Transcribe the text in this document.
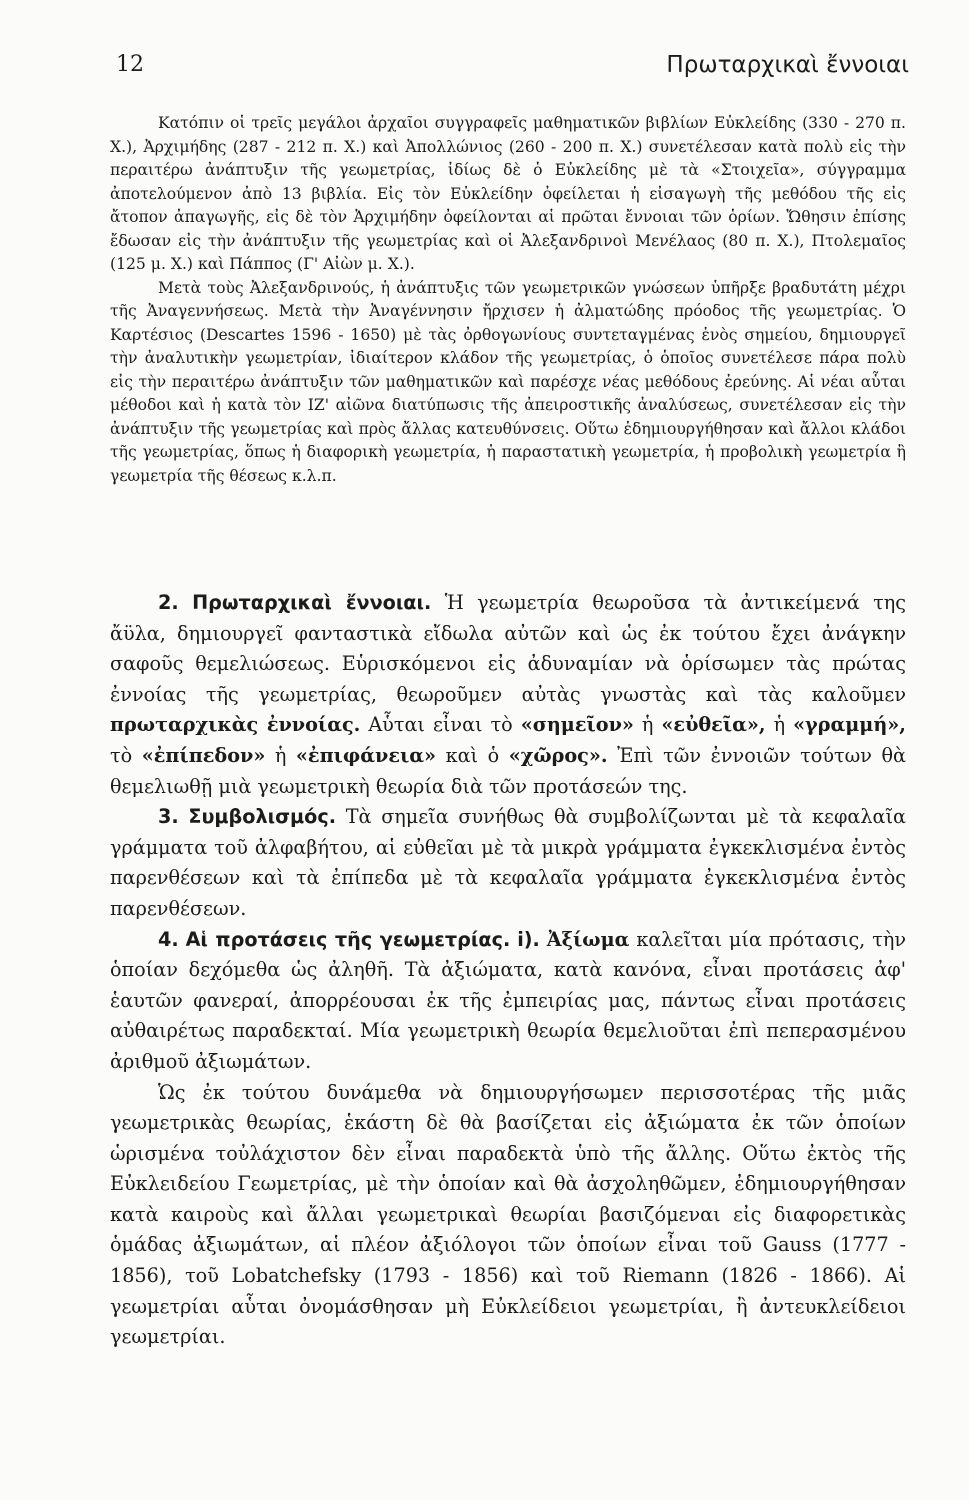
12	Πρωταρχικαὶ ἔννοιαι

Κατόπιν οἱ τρεῖς μεγάλοι ἀρχαῖοι συγγραφεῖς μαθηματικῶν βιβλίων Εὐκλείδης (330 - 270 π. Χ.), Ἀρχιμήδης (287 - 212 π. Χ.) καὶ Ἀπολλώνιος (260 - 200 π. Χ.) συνετέλεσαν κατὰ πολὺ εἰς τὴν περαιτέρω ἀνάπτυξιν τῆς γεωμετρίας, ἰδίως δὲ ὁ Εὐκλείδης μὲ τὰ «Στοιχεῖα», σύγγραμμα ἀποτελούμενον ἀπὸ 13 βιβλία. Εἰς τὸν Εὐκλείδην ὀφείλεται ἡ εἰσαγωγὴ τῆς μεθόδου τῆς εἰς ἄτοπον ἀπαγωγῆς, εἰς δὲ τὸν Ἀρχιμήδην ὀφείλονται αἱ πρῶται ἔννοιαι τῶν ὁρίων. Ὤθησιν ἐπίσης ἔδωσαν εἰς τὴν ἀνάπτυξιν τῆς γεωμετρίας καὶ οἱ Ἀλεξανδρινοὶ Μενέλαος (80 π. Χ.), Πτολεμαῖος (125 μ. Χ.) καὶ Πάππος (Γ' Αἰὼν μ. Χ.).

Μετὰ τοὺς Ἀλεξανδρινούς, ἡ ἀνάπτυξις τῶν γεωμετρικῶν γνώσεων ὑπῆρξε βραδυτάτη μέχρι τῆς Ἀναγεννήσεως. Μετὰ τὴν Ἀναγέννησιν ἤρχισεν ἡ ἀλματώδης πρόοδος τῆς γεωμετρίας. Ὁ Καρτέσιος (Descartes 1596 - 1650) μὲ τὰς ὀρθογωνίους συντεταγμένας ἑνὸς σημείου, δημιουργεῖ τὴν ἀναλυτικὴν γεωμετρίαν, ἰδιαίτερον κλάδον τῆς γεωμετρίας, ὁ ὁποῖος συνετέλεσε πάρα πολὺ εἰς τὴν περαιτέρω ἀνάπτυξιν τῶν μαθηματικῶν καὶ παρέσχε νέας μεθόδους ἐρεύνης. Αἱ νέαι αὗται μέθοδοι καὶ ἡ κατὰ τὸν ΙΖ' αἰῶνα διατύπωσις τῆς ἀπειροστικῆς ἀναλύσεως, συνετέλεσαν εἰς τὴν ἀνάπτυξιν τῆς γεωμετρίας καὶ πρὸς ἄλλας κατευθύνσεις. Οὕτω ἐδημιουργήθησαν καὶ ἄλλοι κλάδοι τῆς γεωμετρίας, ὅπως ἡ διαφορικὴ γεωμετρία, ἡ παραστατικὴ γεωμετρία, ἡ προβολικὴ γεωμετρία ἢ γεωμετρία τῆς θέσεως κ.λ.π.

2. Πρωταρχικαὶ ἔννοιαι. Ἡ γεωμετρία θεωροῦσα τὰ ἀντικείμενά της ἄϋλα, δημιουργεῖ φανταστικὰ εἴδωλα αὐτῶν καὶ ὡς ἐκ τούτου ἔχει ἀνάγκην σαφοῦς θεμελιώσεως. Εὑρισκόμενοι εἰς ἀδυναμίαν νὰ ὁρίσωμεν τὰς πρώτας ἐννοίας τῆς γεωμετρίας, θεωροῦμεν αὐτὰς γνωστὰς καὶ τὰς καλοῦμεν πρωταρχικὰς ἐννοίας. Αὗται εἶναι τὸ «σημεῖον» ἡ «εὐθεῖα», ἡ «γραμμή», τὸ «ἐπίπεδον» ἡ «ἐπιφάνεια» καὶ ὁ «χῶρος». Ἐπὶ τῶν ἐννοιῶν τούτων θὰ θεμελιωθῇ μιὰ γεωμετρικὴ θεωρία διὰ τῶν προτάσεών της.

3. Συμβολισμός. Τὰ σημεῖα συνήθως θὰ συμβολίζωνται μὲ τὰ κεφαλαῖα γράμματα τοῦ ἀλφαβήτου, αἱ εὐθεῖαι μὲ τὰ μικρὰ γράμματα ἐγκεκλισμένα ἐντὸς παρενθέσεων καὶ τὰ ἐπίπεδα μὲ τὰ κεφαλαῖα γράμματα ἐγκεκλισμένα ἐντὸς παρενθέσεων.

4. Αἱ προτάσεις τῆς γεωμετρίας. i). Ἀξίωμα καλεῖται μία πρότασις, τὴν ὁποίαν δεχόμεθα ὡς ἀληθῆ. Τὰ ἀξιώματα, κατὰ κανόνα, εἶναι προτάσεις ἀφ' ἑαυτῶν φανεραί, ἀπορρέουσαι ἐκ τῆς ἐμπειρίας μας, πάντως εἶναι προτάσεις αὐθαιρέτως παραδεκταί. Μία γεωμετρικὴ θεωρία θεμελιοῦται ἐπὶ πεπερασμένου ἀριθμοῦ ἀξιωμάτων.

Ὡς ἐκ τούτου δυνάμεθα νὰ δημιουργήσωμεν περισσοτέρας τῆς μιᾶς γεωμετρικὰς θεωρίας, ἑκάστη δὲ θὰ βασίζεται εἰς ἀξιώματα ἐκ τῶν ὁποίων ὡρισμένα τοὐλάχιστον δὲν εἶναι παραδεκτὰ ὑπὸ τῆς ἄλλης. Οὕτω ἐκτὸς τῆς Εὐκλειδείου Γεωμετρίας, μὲ τὴν ὁποίαν καὶ θὰ ἀσχοληθῶμεν, ἐδημιουργήθησαν κατὰ καιροὺς καὶ ἄλλαι γεωμετρικαὶ θεωρίαι βασιζόμεναι εἰς διαφορετικὰς ὁμάδας ἀξιωμάτων, αἱ πλέον ἀξιόλογοι τῶν ὁποίων εἶναι τοῦ Gauss (1777 - 1856), τοῦ Lobatchefsky (1793 - 1856) καὶ τοῦ Riemann (1826 - 1866). Αἱ γεωμετρίαι αὗται ὀνομάσθησαν μὴ Εὐκλείδειοι γεωμετρίαι, ἢ ἀντευκλείδειοι γεωμετρίαι.
